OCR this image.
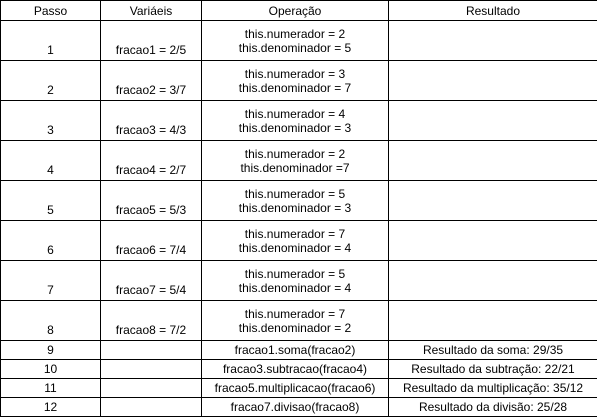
Passo	Variáeis	Operação	Resultado
1	fracao1 = 2/5	this.numerador = 2
this.denominador = 5	

2	fracao2 = 3/7	this.numerador = 3
this.denominador = 7	

3	fracao3 = 4/3	this.numerador = 4
this.denominador = 3	

4	fracao4 = 2/7	this.numerador = 2
this.denominador =7	

5	fracao5 = 5/3	this.numerador = 5
this.denominador = 3	

6	fracao6 = 7/4	this.numerador = 7
this.denominador = 4	

7	fracao7 = 5/4	this.numerador = 5
this.denominador = 4	

8	fracao8 = 7/2	this.numerador = 7
this.denominador = 2	

9		fracao1.soma(fracao2)	Resultado da soma: 29/35
10		fracao3.subtracao(fracao4)	Resultado da subtração: 22/21
11		fracao5.multiplicacao(fracao6)	Resultado da multiplicação: 35/12
12		fracao7.divisao(fracao8)	Resultado da divisão: 25/28
